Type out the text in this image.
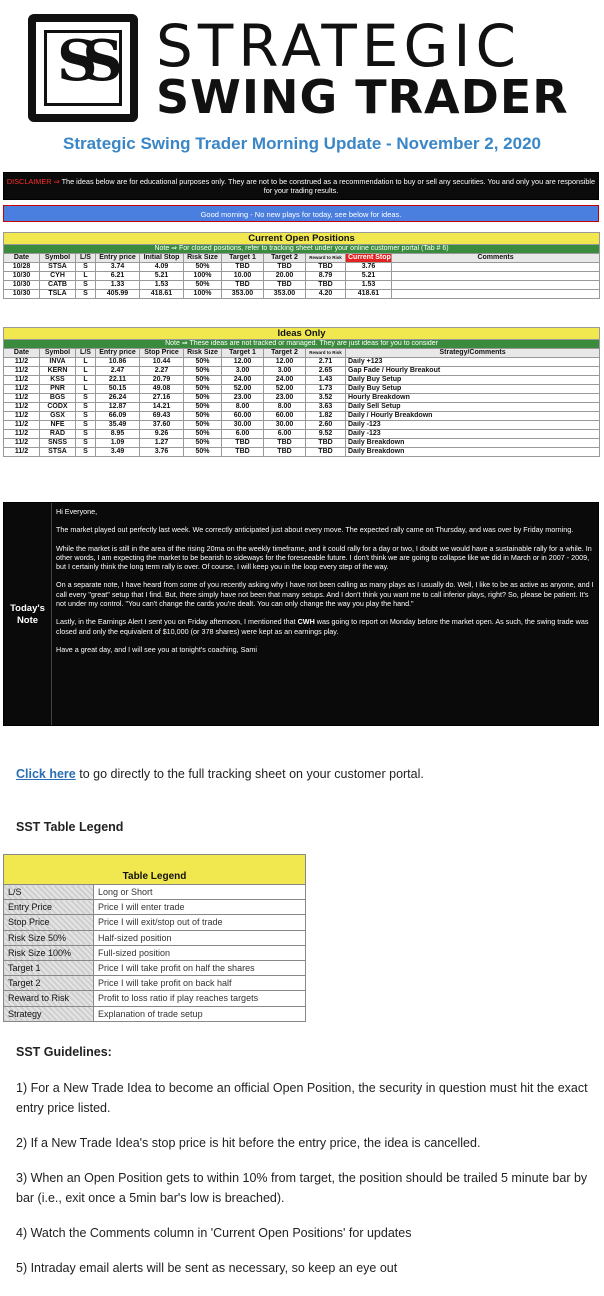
SS STRATEGIC
SWING TRADER
Strategic Swing Trader Morning Update - November 2, 2020
DISCLAIMER ⇒ The ideas below are for educational purposes only. They are not to be construed as a recommendation to buy or sell any securities. You and only you are responsible for your trading results.
Good morning - No new plays for today, see below for ideas.
Current Open Positions										
Note ⇒ For closed positions, refer to tracking sheet under your online customer portal (Tab # 6)										
Date	Symbol	L/S	Entry price	Initial Stop	Risk Size	Target 1	Target 2	Reward to Risk	Current Stop	Comments
10/28	STSA	S	3.74	4.09	50%	TBD	TBD	TBD	3.76	
10/30	CYH	L	6.21	5.21	100%	10.00	20.00	8.79	5.21	
10/30	CATB	S	1.33	1.53	50%	TBD	TBD	TBD	1.53	
10/30	TSLA	S	405.99	418.61	100%	353.00	353.00	4.20	418.61	
Ideas Only									
Note ⇒ These ideas are not tracked or managed. They are just ideas for you to consider									
Date	Symbol	L/S	Entry price	Stop Price	Risk Size	Target 1	Target 2	Reward to Risk	Strategy/Comments
11/2	INVA	L	10.86	10.44	50%	12.00	12.00	2.71	Daily +123
11/2	KERN	L	2.47	2.27	50%	3.00	3.00	2.65	Gap Fade / Hourly Breakout
11/2	KSS	L	22.11	20.79	50%	24.00	24.00	1.43	Daily Buy Setup
11/2	PNR	L	50.15	49.08	50%	52.00	52.00	1.73	Daily Buy Setup
11/2	BGS	S	26.24	27.16	50%	23.00	23.00	3.52	Hourly Breakdown
11/2	CODX	S	12.87	14.21	50%	8.00	8.00	3.63	Daily Sell Setup
11/2	GSX	S	66.09	69.43	50%	60.00	60.00	1.82	Daily / Hourly Breakdown
11/2	NFE	S	35.49	37.60	50%	30.00	30.00	2.60	Daily -123
11/2	RAD	S	8.95	9.26	50%	6.00	6.00	9.52	Daily -123
11/2	SNSS	S	1.09	1.27	50%	TBD	TBD	TBD	Daily Breakdown
11/2	STSA	S	3.49	3.76	50%	TBD	TBD	TBD	Daily Breakdown
Today's
Note

Hi Everyone,

The market played out perfectly last week. We correctly anticipated just about every move. The expected rally came on Thursday, and was over by Friday morning.

While the market is still in the area of the rising 20ma on the weekly timeframe, and it could rally for a day or two, I doubt we would have a sustainable rally for a while. In other words, I am expecting the market to be bearish to sideways for the foreseeable future. I don't think we are going to collapse like we did in March or in 2007 - 2009, but I certainly think the long term rally is over. Of course, I will keep you in the loop every step of the way.

On a separate note, I have heard from some of you recently asking why I have not been calling as many plays as I usually do. Well, I like to be as active as anyone, and I call every "great" setup that I find. But, there simply have not been that many setups. And I don't think you want me to call inferior plays, right? So, please be patient. It's not under my control. "You can't change the cards you're dealt. You can only change the way you play the hand."

Lastly, in the Earnings Alert I sent you on Friday afternoon, I mentioned that CWH was going to report on Monday before the market open. As such, the swing trade was closed and only the equivalent of $10,000 (or 378 shares) were kept as an earnings play.

Have a great day, and I will see you at tonight's coaching, Sami

Click here to go directly to the full tracking sheet on your customer portal.
SST Table Legend
Table Legend	
L/S	Long or Short
Entry Price	Price I will enter trade
Stop Price	Price I will exit/stop out of trade
Risk Size 50%	Half-sized position
Risk Size 100%	Full-sized position
Target 1	Price I will take profit on half the shares
Target 2	Price I will take profit on back half
Reward to Risk	Profit to loss ratio if play reaches targets
Strategy	Explanation of trade setup
SST Guidelines:

1) For a New Trade Idea to become an official Open Position, the security in question must hit the exact entry price listed.

2) If a New Trade Idea's stop price is hit before the entry price, the idea is cancelled.

3) When an Open Position gets to within 10% from target, the position should be trailed 5 minute bar by bar (i.e., exit once a 5min bar's low is breached).

4) Watch the Comments column in 'Current Open Positions' for updates

5) Intraday email alerts will be sent as necessary, so keep an eye out
